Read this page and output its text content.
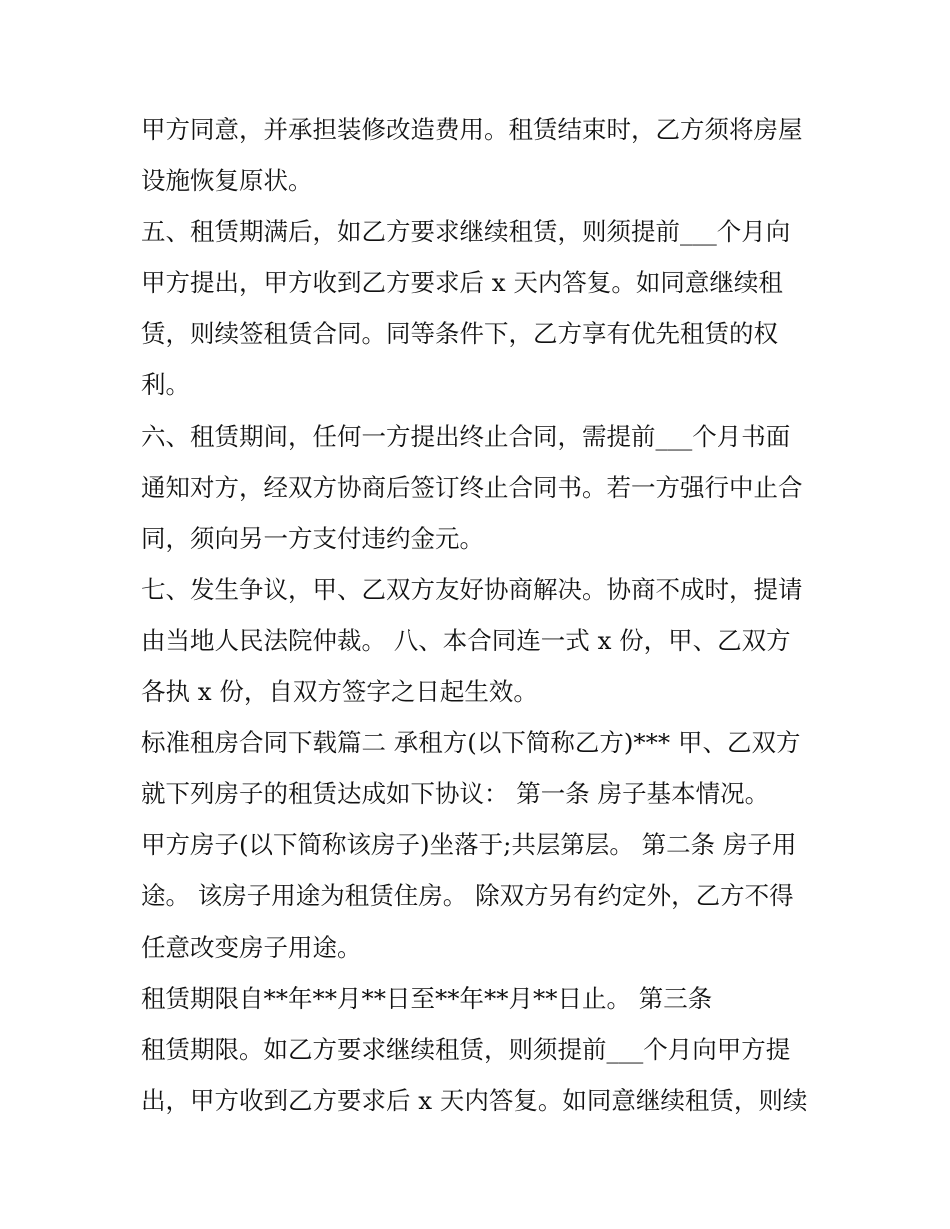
甲方同意，并承担装修改造费用。租赁结束时，乙方须将房屋
设施恢复原状。
五、租赁期满后，如乙方要求继续租赁，则须提前___个月向
甲方提出，甲方收到乙方要求后 x 天内答复。如同意继续租
赁，则续签租赁合同。同等条件下，乙方享有优先租赁的权
利。
六、租赁期间，任何一方提出终止合同，需提前___个月书面
通知对方，经双方协商后签订终止合同书。若一方强行中止合
同，须向另一方支付违约金元。
七、发生争议，甲、乙双方友好协商解决。协商不成时，提请
由当地人民法院仲裁。 八、本合同连一式 x 份，甲、乙双方
各执 x 份，自双方签字之日起生效。
标准租房合同下载篇二 承租方(以下简称乙方)*** 甲、乙双方
就下列房子的租赁达成如下协议： 第一条 房子基本情况。
甲方房子(以下简称该房子)坐落于;共层第层。 第二条 房子用
途。 该房子用途为租赁住房。 除双方另有约定外，乙方不得
任意改变房子用途。
租赁期限自**年**月**日至**年**月**日止。 第三条
租赁期限。如乙方要求继续租赁，则须提前___个月向甲方提
出，甲方收到乙方要求后 x 天内答复。如同意继续租赁，则续
